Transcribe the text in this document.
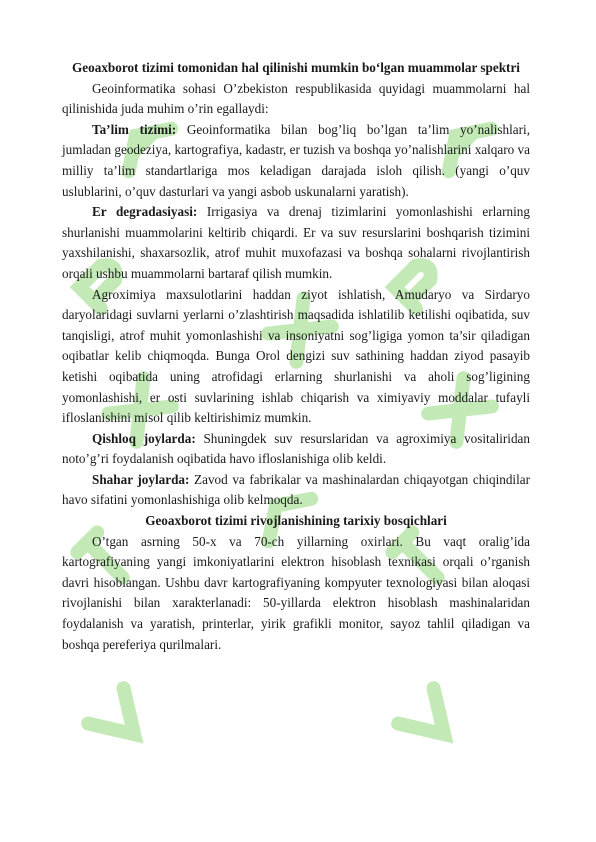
Geoaxborot tizimi tomonidan hal qilinishi mumkin bo‘lgan muammolar spektri

Geoinformatika sohasi O’zbekiston respublikasida quyidagi muammolarni hal qilinishida juda muhim o’rin egallaydi:

Ta’lim tizimi: Geoinformatika bilan bog’liq bo’lgan ta’lim yo’nalishlari, jumladan geodeziya, kartografiya, kadastr, er tuzish va boshqa yo’nalishlarini xalqaro va milliy ta’lim standartlariga mos keladigan darajada isloh qilish. (yangi o’quv uslublarini, o’quv dasturlari va yangi asbob uskunalarni yaratish).

Er degradasiyasi: Irrigasiya va drenaj tizimlarini yomonlashishi erlarning shurlanishi muammolarini keltirib chiqardi. Er va suv resurslarini boshqarish tizimini yaxshilanishi, shaxarsozlik, atrof muhit muxofazasi va boshqa sohalarni rivojlantirish orqali ushbu muammolarni bartaraf qilish mumkin.

Agroximiya maxsulotlarini haddan ziyot ishlatish, Amudaryo va Sirdaryo daryolaridagi suvlarni yerlarni o’zlashtirish maqsadida ishlatilib ketilishi oqibatida, suv tanqisligi, atrof muhit yomonlashishi va insoniyatni sog’ligiga yomon ta’sir qiladigan oqibatlar kelib chiqmoqda. Bunga Orol dengizi suv sathining haddan ziyod pasayib ketishi oqibatida uning atrofidagi erlarning shurlanishi va aholi sog’ligining yomonlashishi, er osti suvlarining ishlab chiqarish va ximiyaviy moddalar tufayli ifloslanishini misol qilib keltirishimiz mumkin.

Qishloq joylarda: Shuningdek suv resurslaridan va agroximiya vositaliridan noto’g’ri foydalanish oqibatida havo ifloslanishiga olib keldi.

Shahar joylarda: Zavod va fabrikalar va mashinalardan chiqayotgan chiqindilar havo sifatini yomonlashishiga olib kelmoqda.

Geoaxborot tizimi rivojlanishining tarixiy bosqichlari

O’tgan asrning 50-x va 70-ch yillarning oxirlari. Bu vaqt oralig’ida kartografiyaning yangi imkoniyatlarini elektron hisoblash texnikasi orqali o’rganish davri hisoblangan. Ushbu davr kartografiyaning kompyuter texnologiyasi bilan aloqasi rivojlanishi bilan xarakterlanadi: 50-yillarda elektron hisoblash mashinalaridan foydalanish va yaratish, printerlar, yirik grafikli monitor, sayoz tahlil qiladigan va boshqa pereferiya qurilmalari.
